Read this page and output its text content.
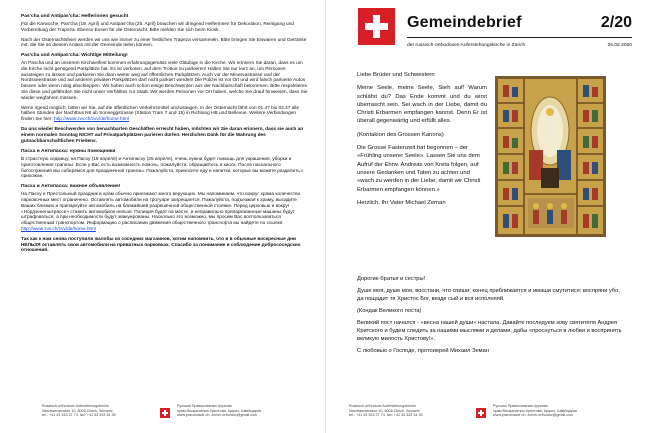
Pas'cha und Antipas'cha: Helferinnen gesucht

Für die Karwoche, Pas'cha (19. April) und Antipas'cha (25. April) brauchen wir dringend Helferinnen für Dekoration, Reinigung und Vorbereitung der Trapeza. Ebenso Essen für die Osternacht. Bitte melden Sie sich beim Kiosk.

Nach der Osternachtsfeier werden wir uns wie immer zu einer festlichen Trapeza versammeln. Bitte bringen Sie Eiswaren und Getränke mit, die Sie an diesem Anlass mit der Gemeinde teilen können.

Pas'cha und Antipas'cha: Wichtige Mitteilung!

An Pascha und an unserem Kirchweifest kommen erfahrungsgemäss viele Gläubige in die Kirche. Wir erinnern Sie daran, dass es um die Kirche nicht genügend Parkplätze hat. Es ist verboten, auf dem Trottoir zu parkieren! Halten Sie nur kurz an, um Personen aussteigen zu lassen und parkieren Sie dann weiter weg auf öffentlichen Parkplätzen. Auch vor der Minervastrasse und der Nordsseestrasse und auf anderen privaten Parkplätzen darf nicht parkiert werden! Die Polizei ist vor Ort und wird falsch parkierte Autos büssen oder wenn nötig abschleppen. Wir haben auch schon einige Beschwerden aus der Nachbarschaft bekommen. Bitte respektieren Sie diese und gefährden Sie nicht unser Verhältnis zur Stadt. Wir werden Personen vor Ort haben, welche Sie drauf hinweisen, dass Sie wieder wegfahren müssen.

Wenn irgend möglich, bitten wir Sie, auf die öffentlichen Verkehrsmittel umzusteigen. In der Osternacht fährt von 01.47 bis 03.47 alle halben Stunden der Nachtbus N6 ab Sonneggstrasse (Station Tram 7 und 15) in Richtung HB und Bellevue. Weitere Verbindungen finden Sie hier: http://www.zvv.ch/zvv/de/home.html

Da uns wieder Beschwerden von benachbarten Geschäften erreicht haben, möchten wir Sie daran erinnern, dass sie auch an einem normalen Sonntag NICHT auf Privatparkplätzen parieren dürfen. Herzlichen Dank für die Wahrung des gutnachbarschaftlichen Friedens.

Пасха и Антипасха: нужны помощники

В страстную седмицу, на Пасху (19 апреля) и Антипасху (25 апреля), очень нужна будет помощь для украшения, уборки и приготовления трапезы. Если у Вас есть возможность помочь, пожалуйста, обращайтесь в киоск. После пасхального богослужения мы соберёмся для праздничной трапезы. Пожалуйста, приносите еду и напитки, которые вы можете разделить с прихожан.

Пасха и Антипасха: важное объявление!

На Пасху и Престольный праздник в храм обычно приезжают много верующих. Мы напоминаем, что вокруг храма количество парковочных мест ограничено. Оставлять автомобили на тротуаре запрещается. Пожалуйста, подъезжая к храму, высадите Ваших близких и припаркуйте автомобиль на ближайшей разрешённой общественной стоянке. Перед церковью и вокруг «Нордзееенштрассе» ставить автомобили нельзя. Полиция будет на месте, и неправильно припаркованные машины будут штрафоваться, а при необходимости будут эвакуированы. Насколько это возможно, мы просим Вас воспользоваться общественным транспортом. Информацию о расписании движения общественного транспорта вы найдёте по ссылке: http://www.zvv.ch/zvv/de/home.html

Так как к нам снова поступили жалобы из соседних магазинов, хотим напомнить, что и в обычные воскресные дни НЕЛЬЗЯ оставлять свои автомобили на приватных парковках. Спасибо за понимание и соблюдение добрососедских отношений.

Russisch-orthodoxe Auferstehungskirche
Narzissenstrasse 10, 8006 Zürich, Schweiz
tel.: +41 43 333 37 74, fax: +41 43 333 34 35
Русская Православная Церковь
храм Воскресения Христова, Цюрих, Швейцария
www.pravoslavie.ch, zurich.orthodox@gmail.com
Gemeindebrief	2/20
der russisch-orthodoxen Auferstehungskirche in Zürich	26.02.2020

Liebe Brüder und Schwestern

Meine Seele, meine Seele, Steh auf! Warum schläfst du? Das Ende kommt und du wirst überrascht sein. Sei wach in der Liebe, damit du Christi Erbarmen empfangen kannst. Denn Er ist überall gegenwärtig und erfüllt alles.

(Kontakion des Grossen Kanons)

Die Grosse Fastenzeit hat begonnen – der «Frühling unserer Seele». Lassen Sie uns dem Aufruf der Ehrw. Andreas von Kreta folgen, auf unsere Gedanken und Taten zu achten und «wach zu werden in der Liebe, damit wir Christi Erbarmen empfangen können.»

Herzlich, Ihr Vater Michael Zeman

Дорогие братья и сестры!

Душе моя, душе моя, восстани, что спиши; конец приближается и имаши смутитися: воспряни убо, да пощадит тя Христос Бог, везде сый и вся исполняяй.

(Кондак Великого поста)

Великий пост начался - «весна нашей души» настала. Давайте последуем зову святителя Андрея Критского и будем следить за нашими мыслями и делами, дабы «проснуться в любви и воспринять великую милость Христову!».

С любовью о Господе, протоиерей Михаил Земан

Russisch-orthodoxe Auferstehungskirche
Narzissenstrasse 10, 8006 Zürich, Schweiz
tel.: +41 43 333 37 74, fax: +41 43 333 34 35
Русская Православная Церковь
храм Воскресения Христова, Цюрих, Швейцария
www.pravoslavie.ch, zurich.orthodox@gmail.com
